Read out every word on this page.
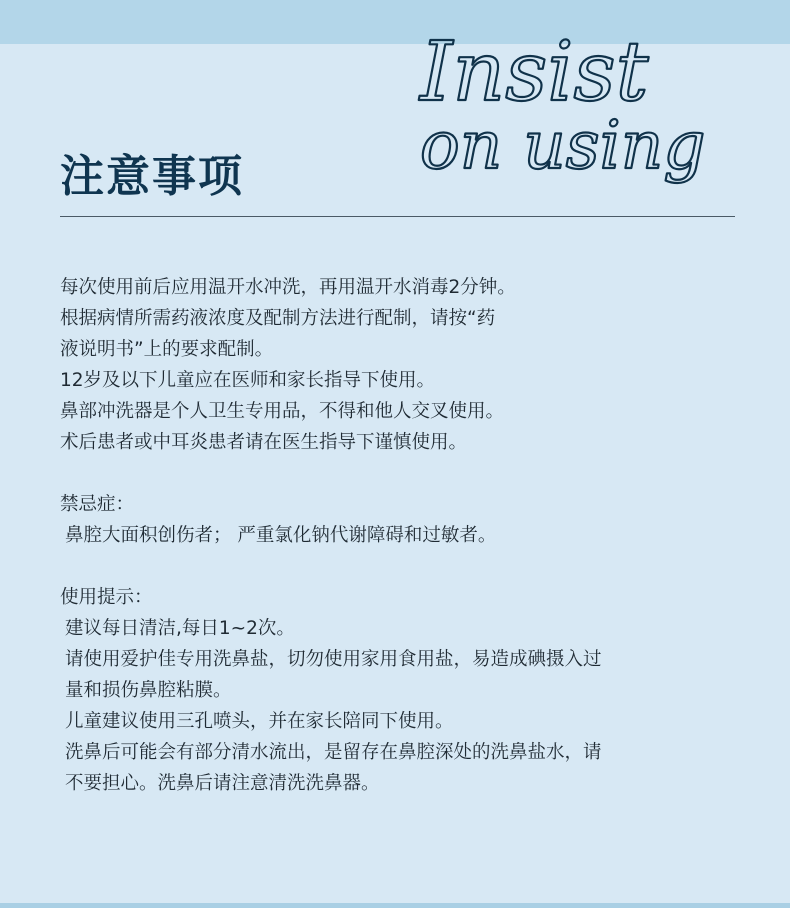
Insist
on using
注意事项

每次使用前后应用温开水冲洗，再用温开水消毒2分钟。

根据病情所需药液浓度及配制方法进行配制，请按“药

液说明书”上的要求配制。

12岁及以下儿童应在医师和家长指导下使用。

鼻部冲洗器是个人卫生专用品，不得和他人交叉使用。

术后患者或中耳炎患者请在医生指导下谨慎使用。

禁忌症：

鼻腔大面积创伤者； 严重氯化钠代谢障碍和过敏者。

使用提示：

建议每日清洁,每日1~2次。

请使用爱护佳专用洗鼻盐，切勿使用家用食用盐，易造成碘摄入过

量和损伤鼻腔粘膜。

儿童建议使用三孔喷头，并在家长陪同下使用。

洗鼻后可能会有部分清水流出，是留存在鼻腔深处的洗鼻盐水，请

不要担心。洗鼻后请注意清洗洗鼻器。
